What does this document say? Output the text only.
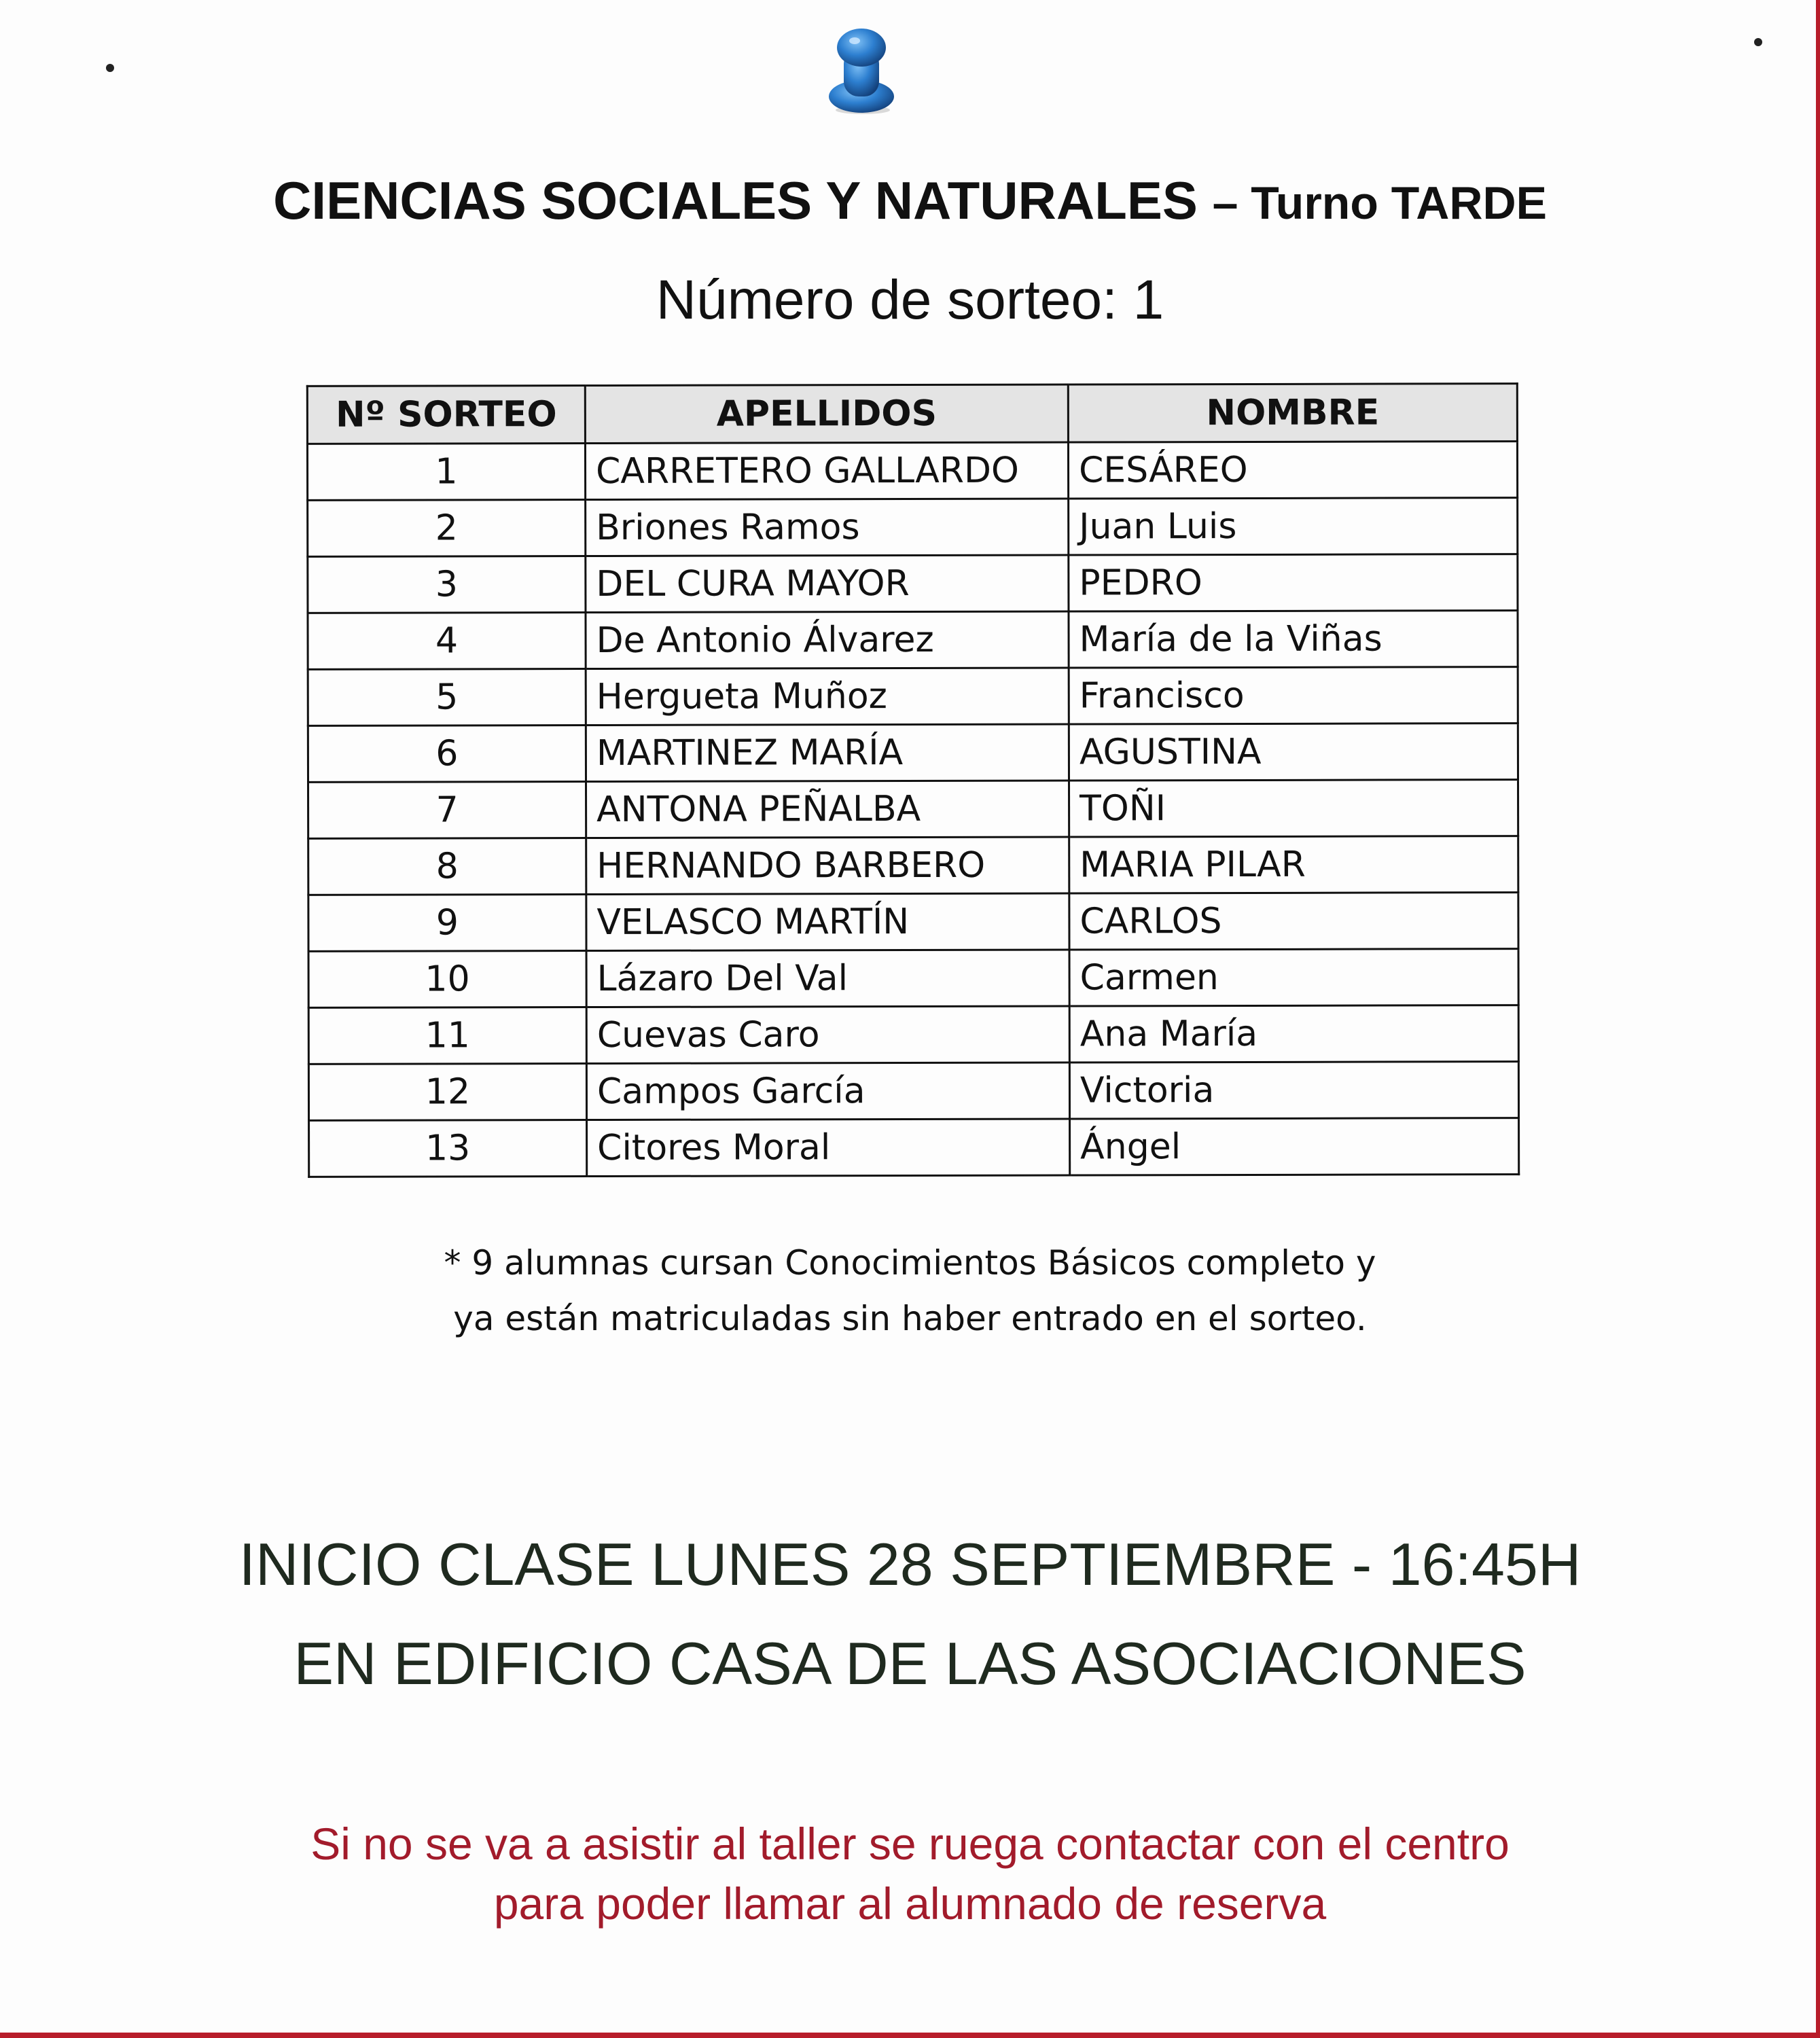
CIENCIAS SOCIALES Y NATURALES – Turno TARDE
Número de sorteo: 1
Nº SORTEO	APELLIDOS	NOMBRE
1	CARRETERO GALLARDO	CESÁREO
2	Briones Ramos	Juan Luis
3	DEL CURA MAYOR	PEDRO
4	De Antonio Álvarez	María de la Viñas
5	Hergueta Muñoz	Francisco
6	MARTINEZ MARÍA	AGUSTINA
7	ANTONA PEÑALBA	TOÑI
8	HERNANDO BARBERO	MARIA PILAR
9	VELASCO MARTÍN	CARLOS
10	Lázaro Del Val	Carmen
11	Cuevas Caro	Ana María
12	Campos García	Victoria
13	Citores Moral	Ángel
* 9 alumnas cursan Conocimientos Básicos completo y
ya están matriculadas sin haber entrado en el sorteo.
INICIO CLASE LUNES 28 SEPTIEMBRE - 16:45H
EN EDIFICIO CASA DE LAS ASOCIACIONES
Si no se va a asistir al taller se ruega contactar con el centro
para poder llamar al alumnado de reserva
